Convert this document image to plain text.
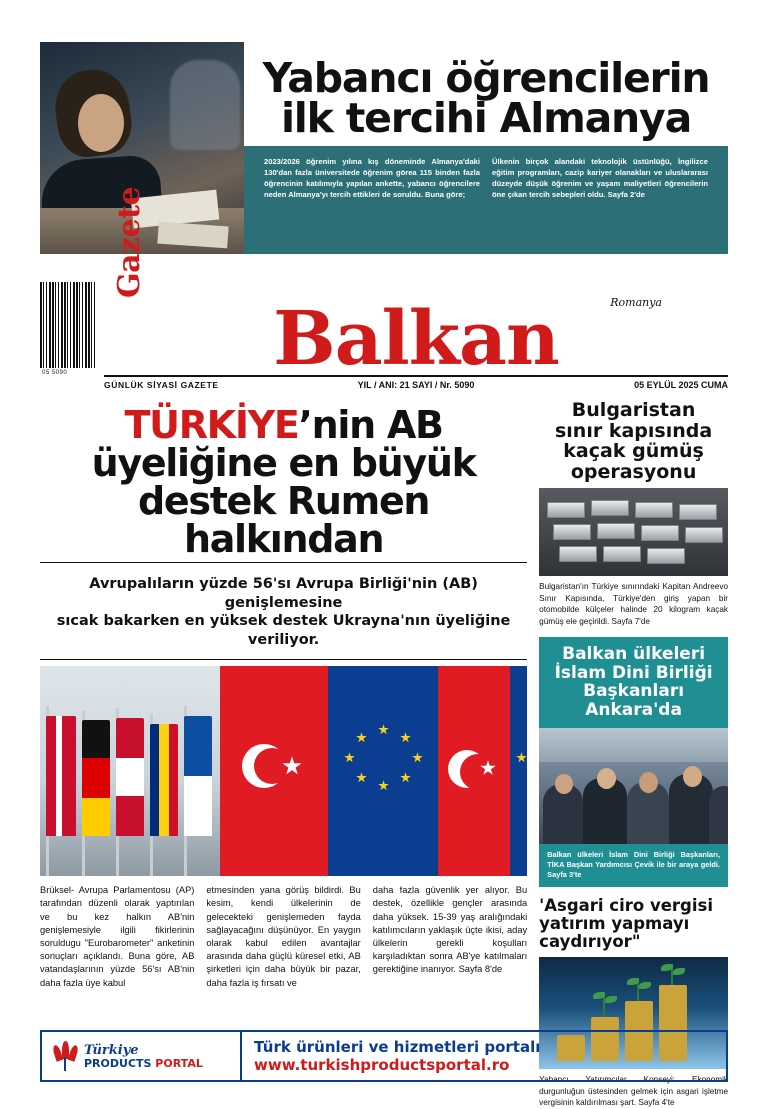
Yabancı öğrencilerin
ilk tercihi Almanya
2023/2026 öğrenim yılına kış döneminde Almanya'daki 130'dan fazla üniversitede öğrenim görea 115 binden fazla öğrencinin katılımıyla yapılan ankette, yabancı öğrencilere neden Almanya'yı tercih ettikleri de soruldu. Buna göre;
Ülkenin birçok alandaki teknolojik üstünlüğü, İngilizce eğitim programları, cazip kariyer olanakları ve uluslararası düzeyde düşük öğrenim ve yaşam maliyetleri öğrencilerin öne çıkan tercih sebepleri oldu. Sayfa 2'de
05 5090
Gazete
Romanya
Balkan
GÜNLÜK SİYASİ GAZETE	YIL / ANI: 21 SAYI / Nr. 5090	05 EYLÜL 2025 CUMA
TÜRKİYE’nin AB
üyeliğine en büyük
destek Rumen halkından
Avrupalıların yüzde 56'sı Avrupa Birliği'nin (AB) genişlemesine
sıcak bakarken en yüksek destek Ukrayna'nın üyeliğine veriliyor.
Brüksel- Avrupa Parlamentosu (AP) tarafından düzenli olarak yaptırılan ve bu kez halkın AB'nin genişlemesiyle ilgili fikirlerinin soruldugu "Eurobarometer" anketinin sonuçları açıklandı. Buna göre, AB vatandaşlarının yüzde 56'sı AB'nin daha fazla üye kabul
etmesinden yana görüş bildirdi. Bu kesim, kendi ülkelerinin de gelecekteki genişlemeden fayda sağlayacağını düşünüyor. En yaygın olarak kabul edilen avantajlar arasında daha güçlü küresel etki, AB şirketleri için daha büyük bir pazar, daha fazla iş fırsatı ve
daha fazla güvenlik yer alıyor. Bu destek, özellikle gençler arasında daha yüksek. 15-39 yaş aralığındaki katılımcıların yaklaşık üçte ikisi, aday ülkelerin gerekli koşulları karşıladıktan sonra AB'ye katılmaları gerektiğine inanıyor. Sayfa 8'de
Bulgaristan
sınır kapısında
kaçak gümüş
operasyonu
Bulgaristan'ın Türkiye sınırındaki Kapitan Andreevo Sınır Kapısında, Türkiye'den giriş yapan bir otomobilde külçeler halinde 20 kilogram kaçak gümüş ele geçirildi. Sayfa 7'de
Balkan ülkeleri
İslam Dini Birliği
Başkanları
Ankara'da
Balkan ülkeleri İslam Dini Birliği Başkanları, TİKA Başkan Yardımcısı Çevik ile bir araya geldi. Sayfa 3'te
'Asgari ciro vergisi
yatırım yapmayı
caydırıyor"
Yabancı Yatırımcılar Konseyi: Ekonomik durgunluğun üstesinden gelmek için asgari işletme vergisinin kaldırılması şart. Sayfa 4'te
Türkiye
PRODUCTS PORTAL
Türk ürünleri ve hizmetleri portalı
www.turkishproductsportal.ro
